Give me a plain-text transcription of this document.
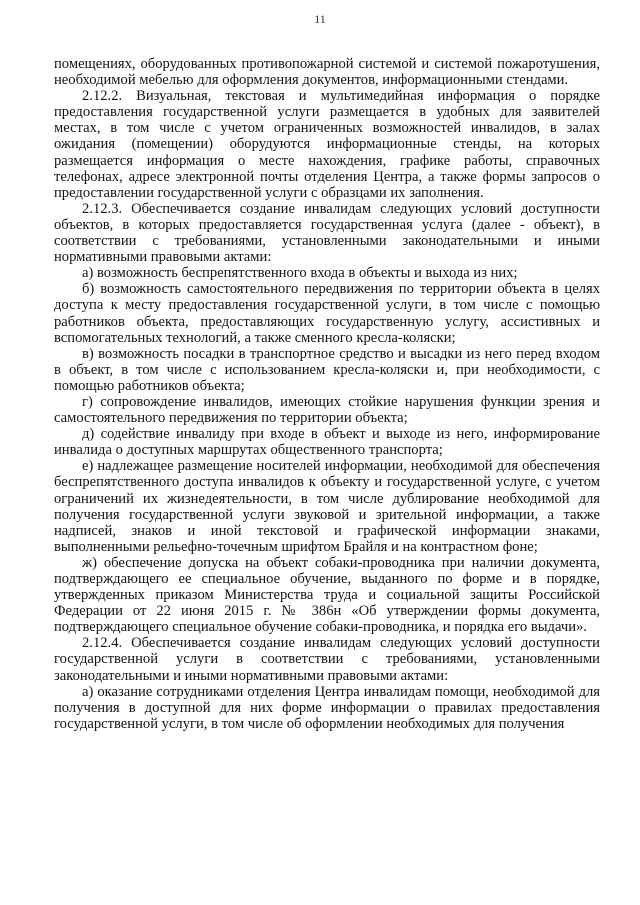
11

помещениях, оборудованных противопожарной системой и системой пожаротушения, необходимой мебелью для оформления документов, информационными стендами.

2.12.2. Визуальная, текстовая и мультимедийная информация о порядке предоставления государственной услуги размещается в удобных для заявителей местах, в том числе с учетом ограниченных возможностей инвалидов, в залах ожидания (помещении) оборудуются информационные стенды, на которых размещается информация о месте нахождения, графике работы, справочных телефонах, адресе электронной почты отделения Центра, а также формы запросов о предоставлении государственной услуги с образцами их заполнения.

2.12.3. Обеспечивается создание инвалидам следующих условий доступности объектов, в которых предоставляется государственная услуга (далее - объект), в соответствии с требованиями, установленными законодательными и иными нормативными правовыми актами:

а) возможность беспрепятственного входа в объекты и выхода из них;

б) возможность самостоятельного передвижения по территории объекта в целях доступа к месту предоставления государственной услуги, в том числе с помощью работников объекта, предоставляющих государственную услугу, ассистивных и вспомогательных технологий, а также сменного кресла-коляски;

в) возможность посадки в транспортное средство и высадки из него перед входом в объект, в том числе с использованием кресла-коляски и, при необходимости, с помощью работников объекта;

г) сопровождение инвалидов, имеющих стойкие нарушения функции зрения и самостоятельного передвижения по территории объекта;

д) содействие инвалиду при входе в объект и выходе из него, информирование инвалида о доступных маршрутах общественного транспорта;

е) надлежащее размещение носителей информации, необходимой для обеспечения беспрепятственного доступа инвалидов к объекту и государственной услуге, с учетом ограничений их жизнедеятельности, в том числе дублирование необходимой для получения государственной услуги звуковой и зрительной информации, а также надписей, знаков и иной текстовой и графической информации знаками, выполненными рельефно-точечным шрифтом Брайля и на контрастном фоне;

ж) обеспечение допуска на объект собаки-проводника при наличии документа, подтверждающего ее специальное обучение, выданного по форме и в порядке, утвержденных приказом Министерства труда и социальной защиты Российской Федерации от 22 июня 2015 г. № 386н «Об утверждении формы документа, подтверждающего специальное обучение собаки-проводника, и порядка его выдачи».

2.12.4. Обеспечивается создание инвалидам следующих условий доступности государственной услуги в соответствии с требованиями, установленными законодательными и иными нормативными правовыми актами:

а) оказание сотрудниками отделения Центра инвалидам помощи, необходимой для получения в доступной для них форме информации о правилах предоставления государственной услуги, в том числе об оформлении необходимых для получения
